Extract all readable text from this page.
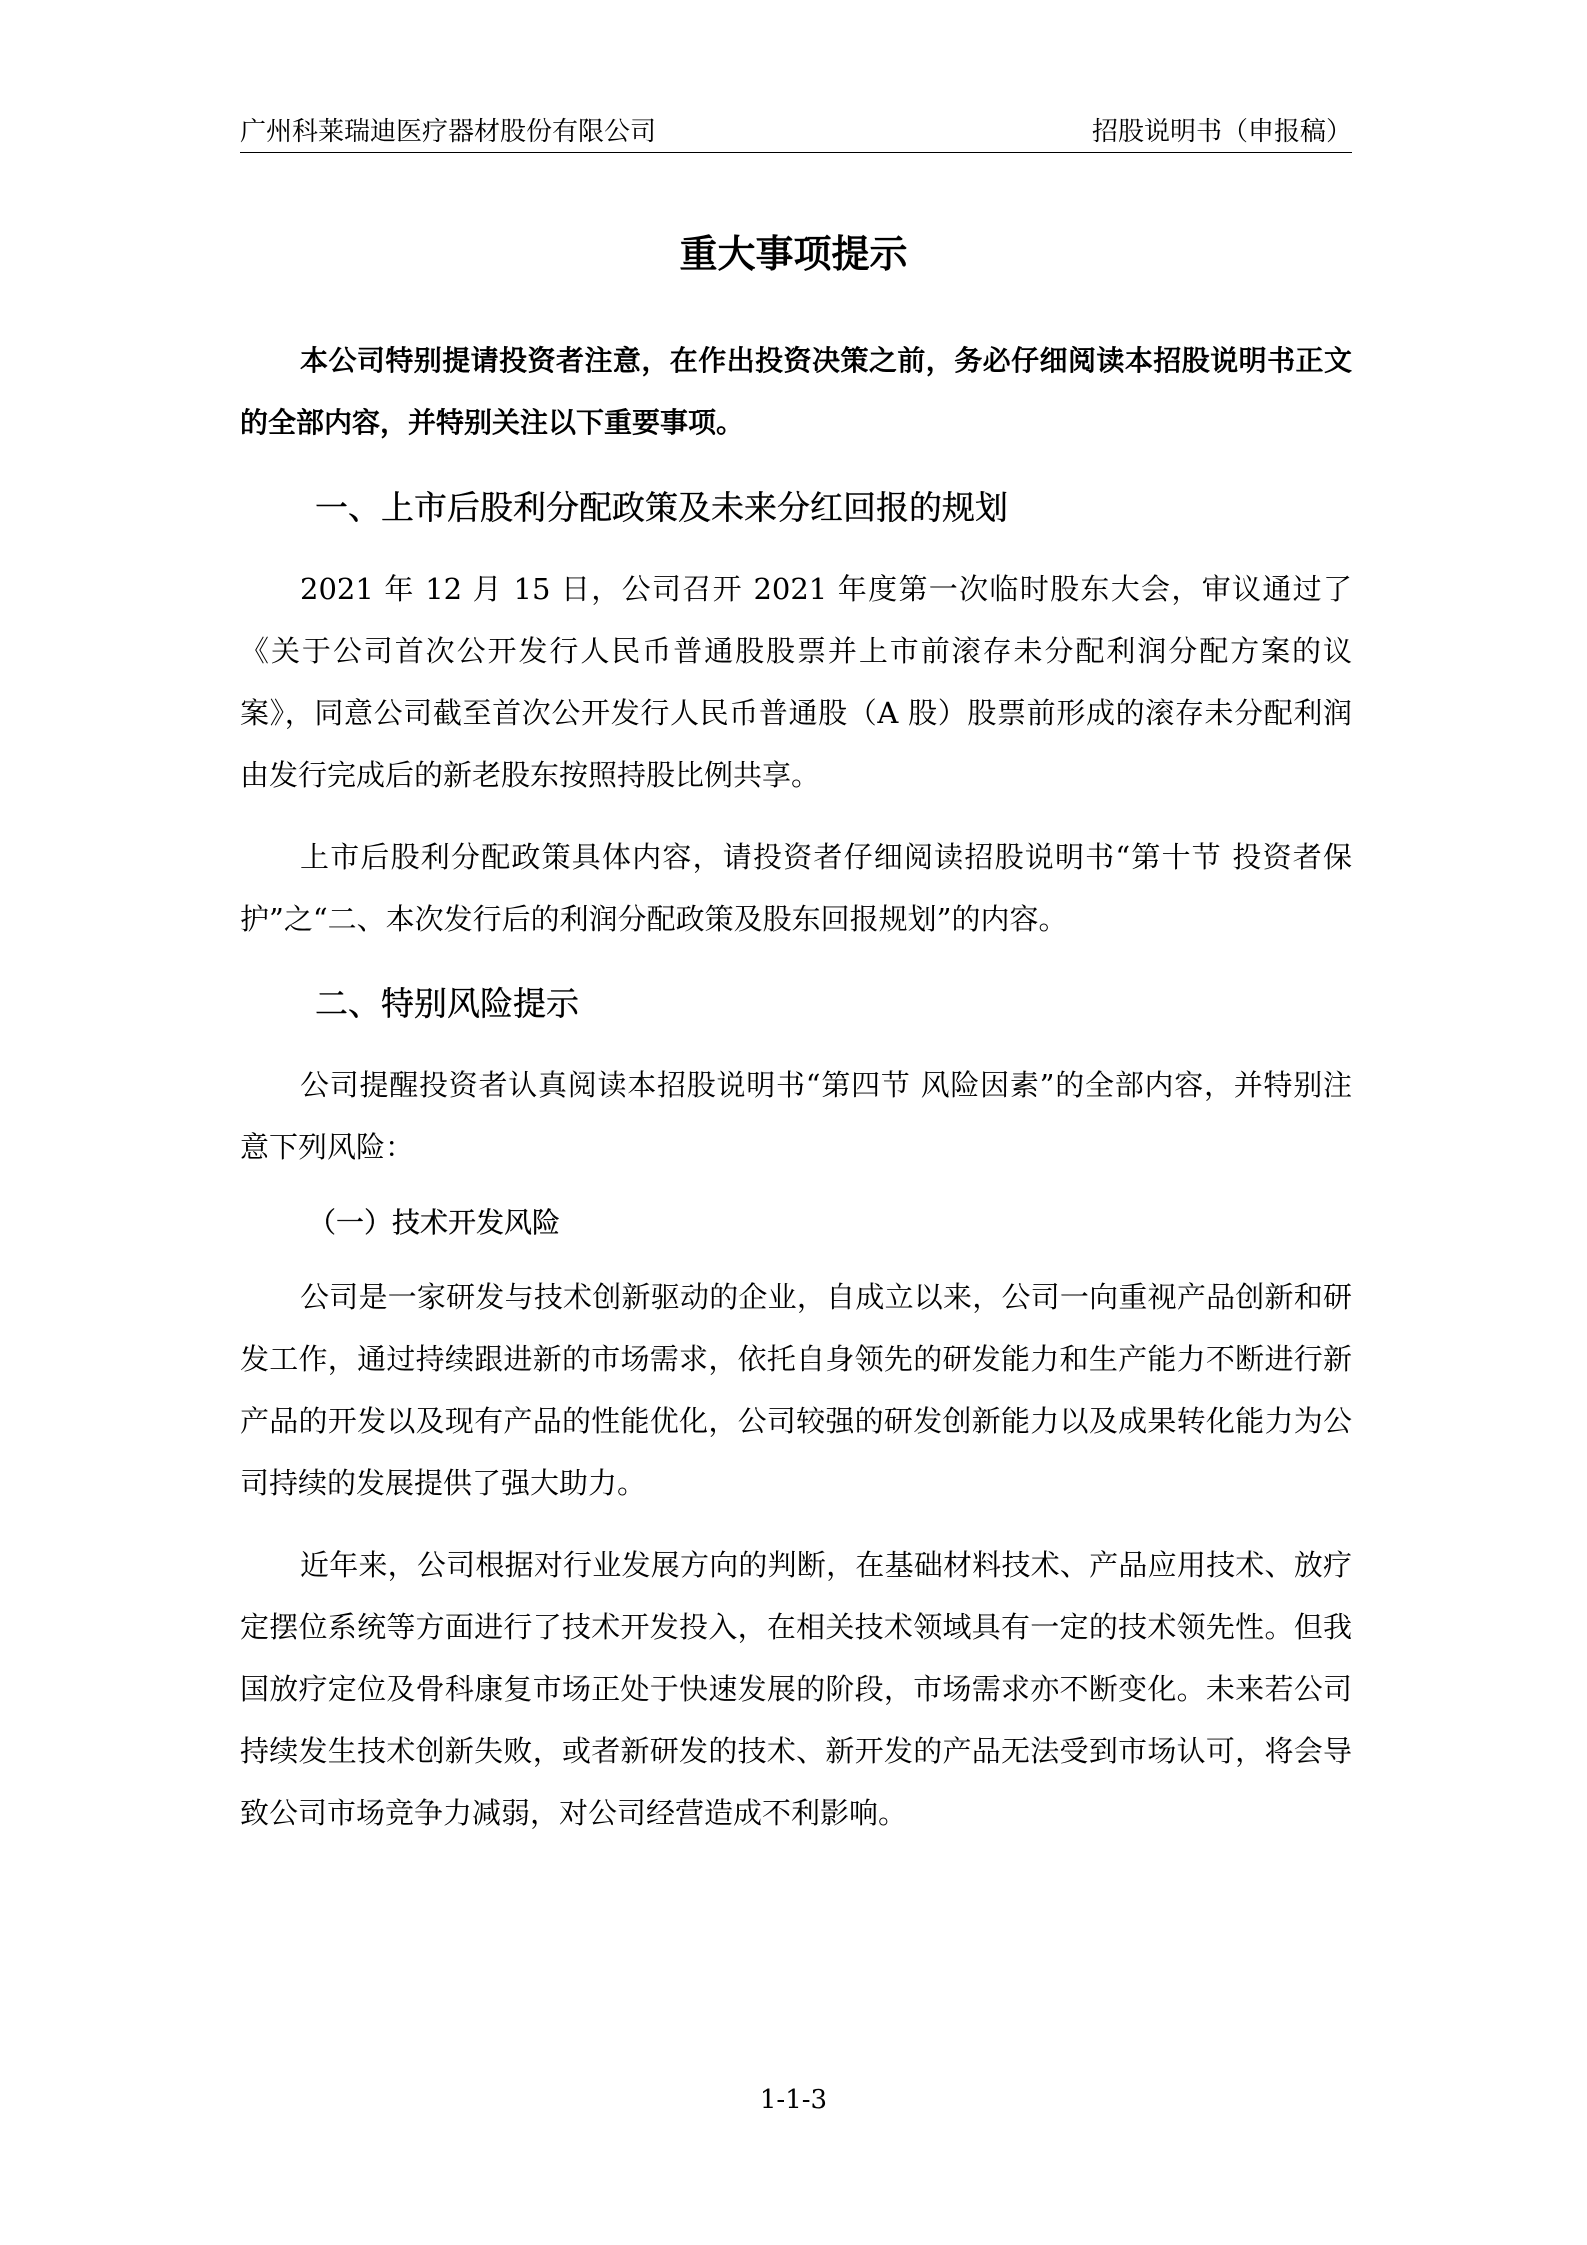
广州科莱瑞迪医疗器材股份有限公司	招股说明书（申报稿）
重大事项提示

本公司特别提请投资者注意，在作出投资决策之前，务必仔细阅读本招股说明书正文的全部内容，并特别关注以下重要事项。

一、上市后股利分配政策及未来分红回报的规划

2021 年 12 月 15 日，公司召开 2021 年度第一次临时股东大会，审议通过了《关于公司首次公开发行人民币普通股股票并上市前滚存未分配利润分配方案的议案》，同意公司截至首次公开发行人民币普通股（A 股）股票前形成的滚存未分配利润由发行完成后的新老股东按照持股比例共享。

上市后股利分配政策具体内容，请投资者仔细阅读招股说明书“第十节 投资者保护”之“二、本次发行后的利润分配政策及股东回报规划”的内容。

二、特别风险提示

公司提醒投资者认真阅读本招股说明书“第四节 风险因素”的全部内容，并特别注意下列风险：

（一）技术开发风险

公司是一家研发与技术创新驱动的企业，自成立以来，公司一向重视产品创新和研发工作，通过持续跟进新的市场需求，依托自身领先的研发能力和生产能力不断进行新产品的开发以及现有产品的性能优化，公司较强的研发创新能力以及成果转化能力为公司持续的发展提供了强大助力。

近年来，公司根据对行业发展方向的判断，在基础材料技术、产品应用技术、放疗定摆位系统等方面进行了技术开发投入，在相关技术领域具有一定的技术领先性。但我国放疗定位及骨科康复市场正处于快速发展的阶段，市场需求亦不断变化。未来若公司持续发生技术创新失败，或者新研发的技术、新开发的产品无法受到市场认可，将会导致公司市场竞争力减弱，对公司经营造成不利影响。

1-1-3
